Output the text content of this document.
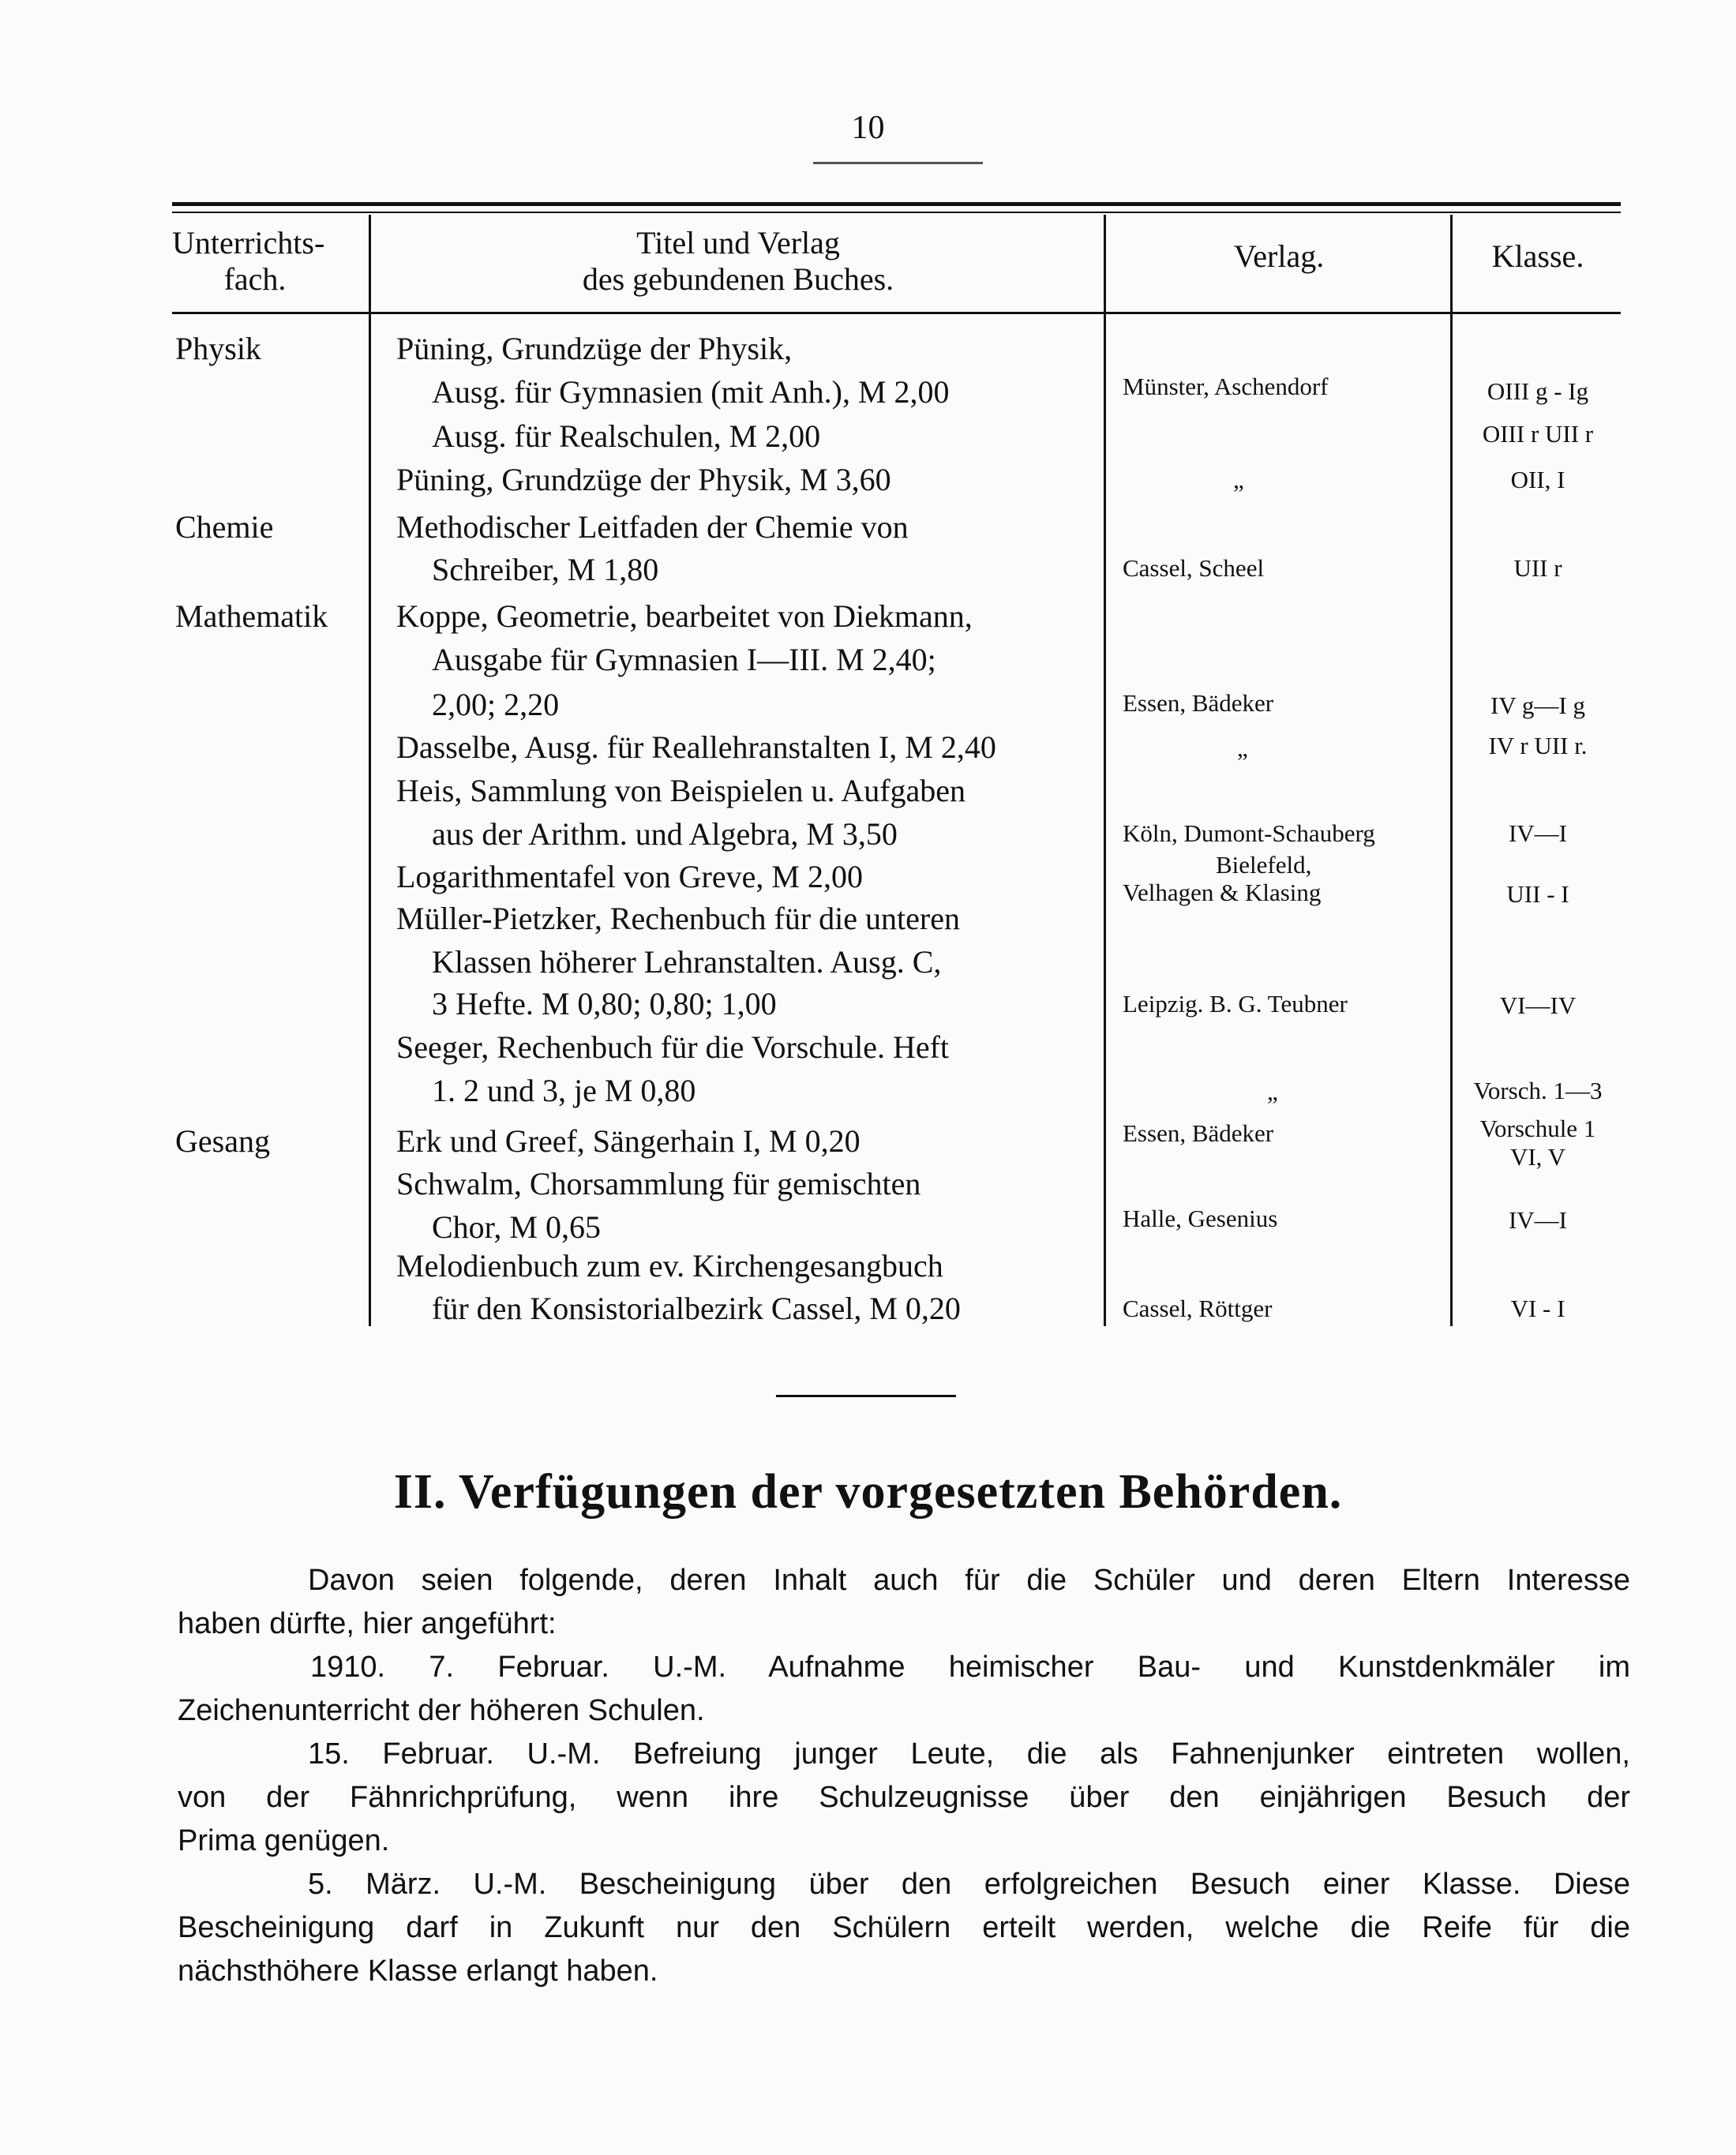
10
Unterrichts-
fach.
Titel und Verlag
des gebundenen Buches.
Verlag.	Klasse.
Physik
Chemie
Mathematik
Gesang
Püning, Grundzüge der Physik,
Ausg. für Gymnasien (mit Anh.), M 2,00
Ausg. für Realschulen, M 2,00
Püning, Grundzüge der Physik, M 3,60
Methodischer Leitfaden der Chemie von
Schreiber, M 1,80
Koppe, Geometrie, bearbeitet von Diekmann,
Ausgabe für Gymnasien I—III. M 2,40;
2,00; 2,20
Dasselbe, Ausg. für Reallehranstalten I, M 2,40
Heis, Sammlung von Beispielen u. Aufgaben
aus der Arithm. und Algebra, M 3,50
Logarithmentafel von Greve, M 2,00
Müller-Pietzker, Rechenbuch für die unteren
Klassen höherer Lehranstalten. Ausg. C,
3 Hefte. M 0,80; 0,80; 1,00
Seeger, Rechenbuch für die Vorschule. Heft
1. 2 und 3, je M 0,80
Erk und Greef, Sängerhain I, M 0,20
Schwalm, Chorsammlung für gemischten
Chor, M 0,65
Melodienbuch zum ev. Kirchengesangbuch
für den Konsistorialbezirk Cassel, M 0,20
Münster, Aschendorf
„
Cassel, Scheel
Essen, Bädeker
„
Köln, Dumont-Schauberg
Bielefeld,
Velhagen & Klasing
Leipzig. B. G. Teubner
„
Essen, Bädeker
Halle, Gesenius
Cassel, Röttger
OIII g - Ig
OIII r UII r
OII, I
UII r
IV g—I g
IV r UII r.
IV—I
UII - I
VI—IV
Vorsch. 1—3
Vorschule 1
VI, V
IV—I
VI - I
II. Verfügungen der vorgesetzten Behörden.
Davon seien folgende, deren Inhalt auch für die Schüler und deren Eltern Interesse
haben dürfte, hier angeführt:
1910. 7. Februar. U.-M. Aufnahme heimischer Bau- und Kunstdenkmäler im
Zeichenunterricht der höheren Schulen.
15. Februar. U.-M. Befreiung junger Leute, die als Fahnenjunker eintreten wollen,
von der Fähnrichprüfung, wenn ihre Schulzeugnisse über den einjährigen Besuch der
Prima genügen.
5. März. U.-M. Bescheinigung über den erfolgreichen Besuch einer Klasse. Diese
Bescheinigung darf in Zukunft nur den Schülern erteilt werden, welche die Reife für die
nächsthöhere Klasse erlangt haben.
